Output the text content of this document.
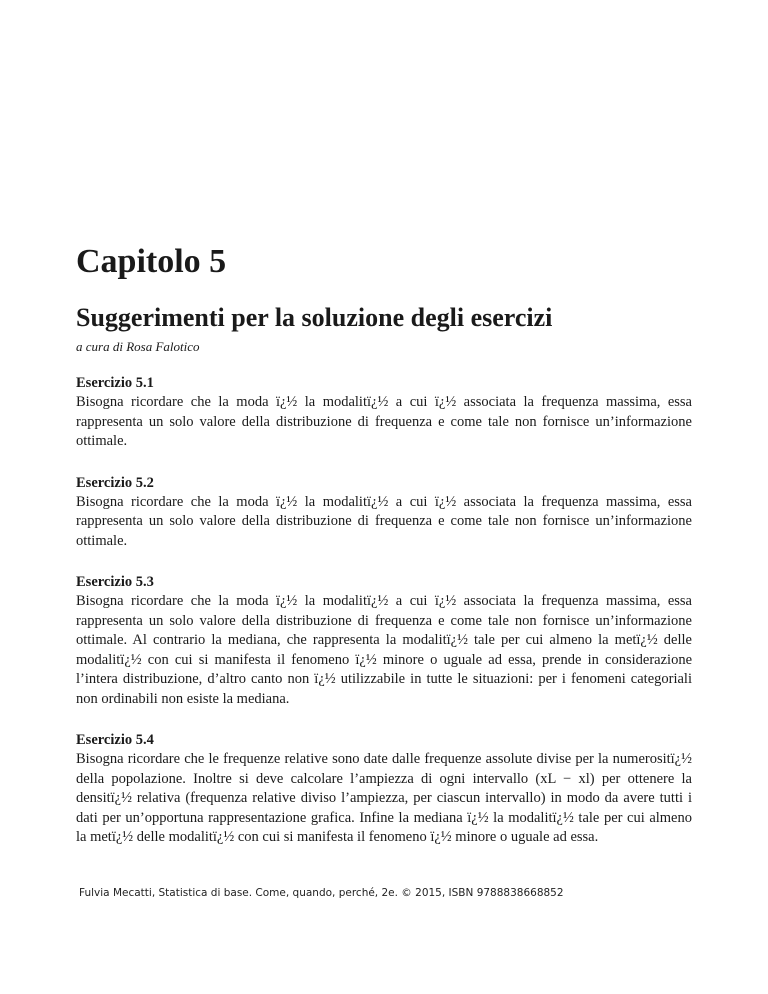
Capitolo 5
Suggerimenti per la soluzione degli esercizi
a cura di Rosa Falotico
Esercizio 5.1
Bisogna ricordare che la moda ï¿½ la modalitï¿½ a cui ï¿½ associata la frequenza massima, essa rappresenta un solo valore della distribuzione di frequenza e come tale non fornisce un’informazione ottimale.
Esercizio 5.2
Bisogna ricordare che la moda ï¿½ la modalitï¿½ a cui ï¿½ associata la frequenza massima, essa rappresenta un solo valore della distribuzione di frequenza e come tale non fornisce un’informazione ottimale.
Esercizio 5.3
Bisogna ricordare che la moda ï¿½ la modalitï¿½ a cui ï¿½ associata la frequenza massima, essa rappresenta un solo valore della distribuzione di frequenza e come tale non fornisce un’informazione ottimale. Al contrario la mediana, che rappresenta la modalitï¿½ tale per cui almeno la metï¿½ delle modalitï¿½ con cui si manifesta il fenomeno ï¿½ minore o uguale ad essa, prende in considerazione l’intera distribuzione, d’altro canto non ï¿½ utilizzabile in tutte le situazioni: per i fenomeni categoriali non ordinabili non esiste la mediana.
Esercizio 5.4
Bisogna ricordare che le frequenze relative sono date dalle frequenze assolute divise per la numerositï¿½ della popolazione. Inoltre si deve calcolare l’ampiezza di ogni intervallo (xL − xl) per ottenere la densitï¿½ relativa (frequenza relative diviso l’ampiezza, per ciascun intervallo) in modo da avere tutti i dati per un’opportuna rappresentazione grafica. Infine la mediana ï¿½ la modalitï¿½ tale per cui almeno la metï¿½ delle modalitï¿½ con cui si manifesta il fenomeno ï¿½ minore o uguale ad essa.
Fulvia Mecatti, Statistica di base. Come, quando, perché, 2e. © 2015, ISBN 9788838668852
